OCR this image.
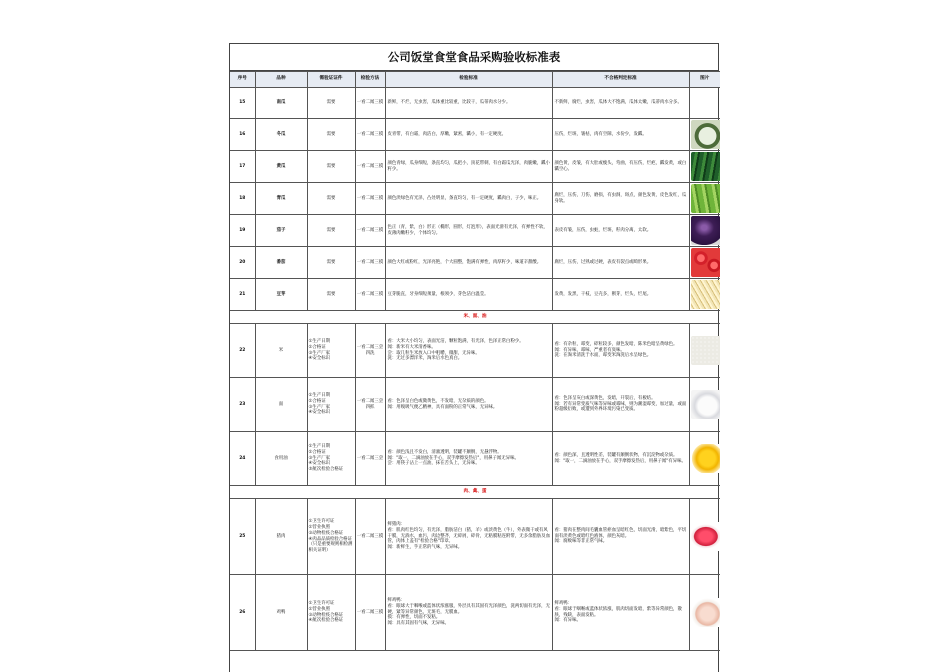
公司饭堂食堂食品采购验收标准表
序号	品种	需验证证件	检验方法	检验标准	不合格判定标准	图片
15	南瓜	需要	一看二闻三摸	新鲜，不烂，无虫害，瓜体重比较重，比较干，瓜蒂肉水分少。	不新鲜，腐烂，虫害，瓜体大不饱满，瓜体太嫩，瓜蒂肉水分多。	
16	冬瓜	需要	一看二闻三摸	皮青带，有白霜，肉洁白，厚嫩，紧密，瓤小，有一定硬度。	压伤，烂斑，皱枯，肉有空隙，水份少，发瓤。	

17	黄瓜	需要	一看二闻三摸	颜色青绿，瓜身细短，条直均匀，瓜把小，顶花带刺，有白霜瓜光泽，肉脆嫩，瓤小籽少。	颜色黄，皮皱，有大肚或瘦头，弯曲，有压伤，烂疤，瓤发黄，或白瓤空心。	

18	青瓜	需要	一看二闻三摸	颜色淡绿色有光泽，凸处明显，条直均匀，有一定硬度，瓤肉白，子少，味正。	腐烂，压伤，刀伤，磨损，有虫洞，斑点，颜色发黄，皮色发红，瓜身软。	

19	茄子	需要	一看二闻三摸	色正（青，紫，白）形正（椭形，圆形，灯泡形），表面光滑有光泽，有弹性不软，皮薄肉嫩籽少，个体均匀。	表皮有皱，压伤，虫蛀，烂斑，籽肉分离，太软。	

20	番茄	需要	一看二闻三摸	颜色大红或粉红，光泽亮艳，个大圆整，饱满有弹性，肉厚籽少，味道辛甜酸。	腐烂，压伤，过熟或过硬，表皮有裂点或畸形果。	

21	豆芽	需要	一看二闻三摸	豆芽脆直，牙身细短须量，根须少，芽色洁白温莹。	发黄，发黑，干枝，豆壳多，断芽，烂头，烂尾。	

米、面、油						
22	米	①生产日期
②合格证
③生产厂家
④安全标识	一看二闻三尝四洗	看：大米大小均匀，表面光洁，颗粒饱满，有光泽，色泽正常白粉少。
闻：新米有大米清香味。
尝：取几粒生米放入口中咀嚼，微甜，无异味。
洗：无过多漂洋米，淘米后水色真白。	看：有杂粒，霉变，碎粒较多，颜色发暗，陈米色暗呈黄绿色。
闻：有异味，霉味，严重者有臭味。
洗：在淘米清洗于水面，霉变米淘洗后水呈绿色。	

23	面	①生产日期
②合格证
③生产厂家
④安全标识	一看二闻三尝四抓	看：色泽呈白色或微黄色，不发暗，无杂质的颜色。
闻：用嗅吸气便乙精神，具有面粉的正常气味，无异味。	看：色泽呈灰白或深黄色，发暗，开裂后，有板结。
闻：若有异常变质气味等异味或霉味，则为潮湿霉变，加过量，或面粉超级衍败，或遭到外界环境污染已变质。	

24	食用油	①生产日期
②合格证
③生产厂家
④安全标识
⑤航次检验合格证	一看二闻三尝	看：颜色浅且不发白，清澈透明，装罐不颠倒，无悬浮物。
闻："取一，二滴油放在手心，双手摩擦发热后"，用鼻子闻无异味。
尝：用筷子沾上一点油，抹在舌头上，无异味。	看：颜色深，且透明性差，装罐有颠倒状物，有沉淀物或杂质。
闻："取一，二滴油放在手心，双手摩擦发热后，用鼻子闻"有异味。	

肉、禽、蛋						
25	猪肉	①卫生许可证
②营业执照
③动物检疫合格证
④肉品品质检验合格证
（只是重要规则相检测相关证明）	一看二闻三摸	鲜猪肉：
看：肌肉红色均匀，有光泽，脂肪洁白（猪，羊）或淡黄色（牛），外表微干或有风干膜，无淌水，血污，肉边整齐，无碎屑，碎骨，无粘膜粘连附带，无多余脂肪及血管，肉体上盖有"检验合格"印章。
闻：新鲜生，乎正常的气味，无异味。	看：猪肉在整肉间毛囊血管瘀血呈暗红色，切面光滑，暗紫色，平切面有淡黄色或暗红色液体，颜色灰暗。
闻：腐败味等非正常气味。	

26	鸡鸭	①卫生许可证
②营业执照
③动物检疫合格证
④航次检验合格证	一看二闻三摸	鲜鸡鸭：
看：眼球大于咽喉或蓝体状浓涨服，外层具有其固有光泽颜色，洗两切面有光泽，无硬，紧等异常颜色，无斑毛，无膜血。
摸：有弹性，切面不发粘。
闻：具有其固有气味，无异味。	鲜鸡鸭：
看：眼球于咽喉或蓝体状浓涨，肌肉切面发暗，紫等异常颜色，散肤，残缺，表面发粘。
闻：有异味。	
